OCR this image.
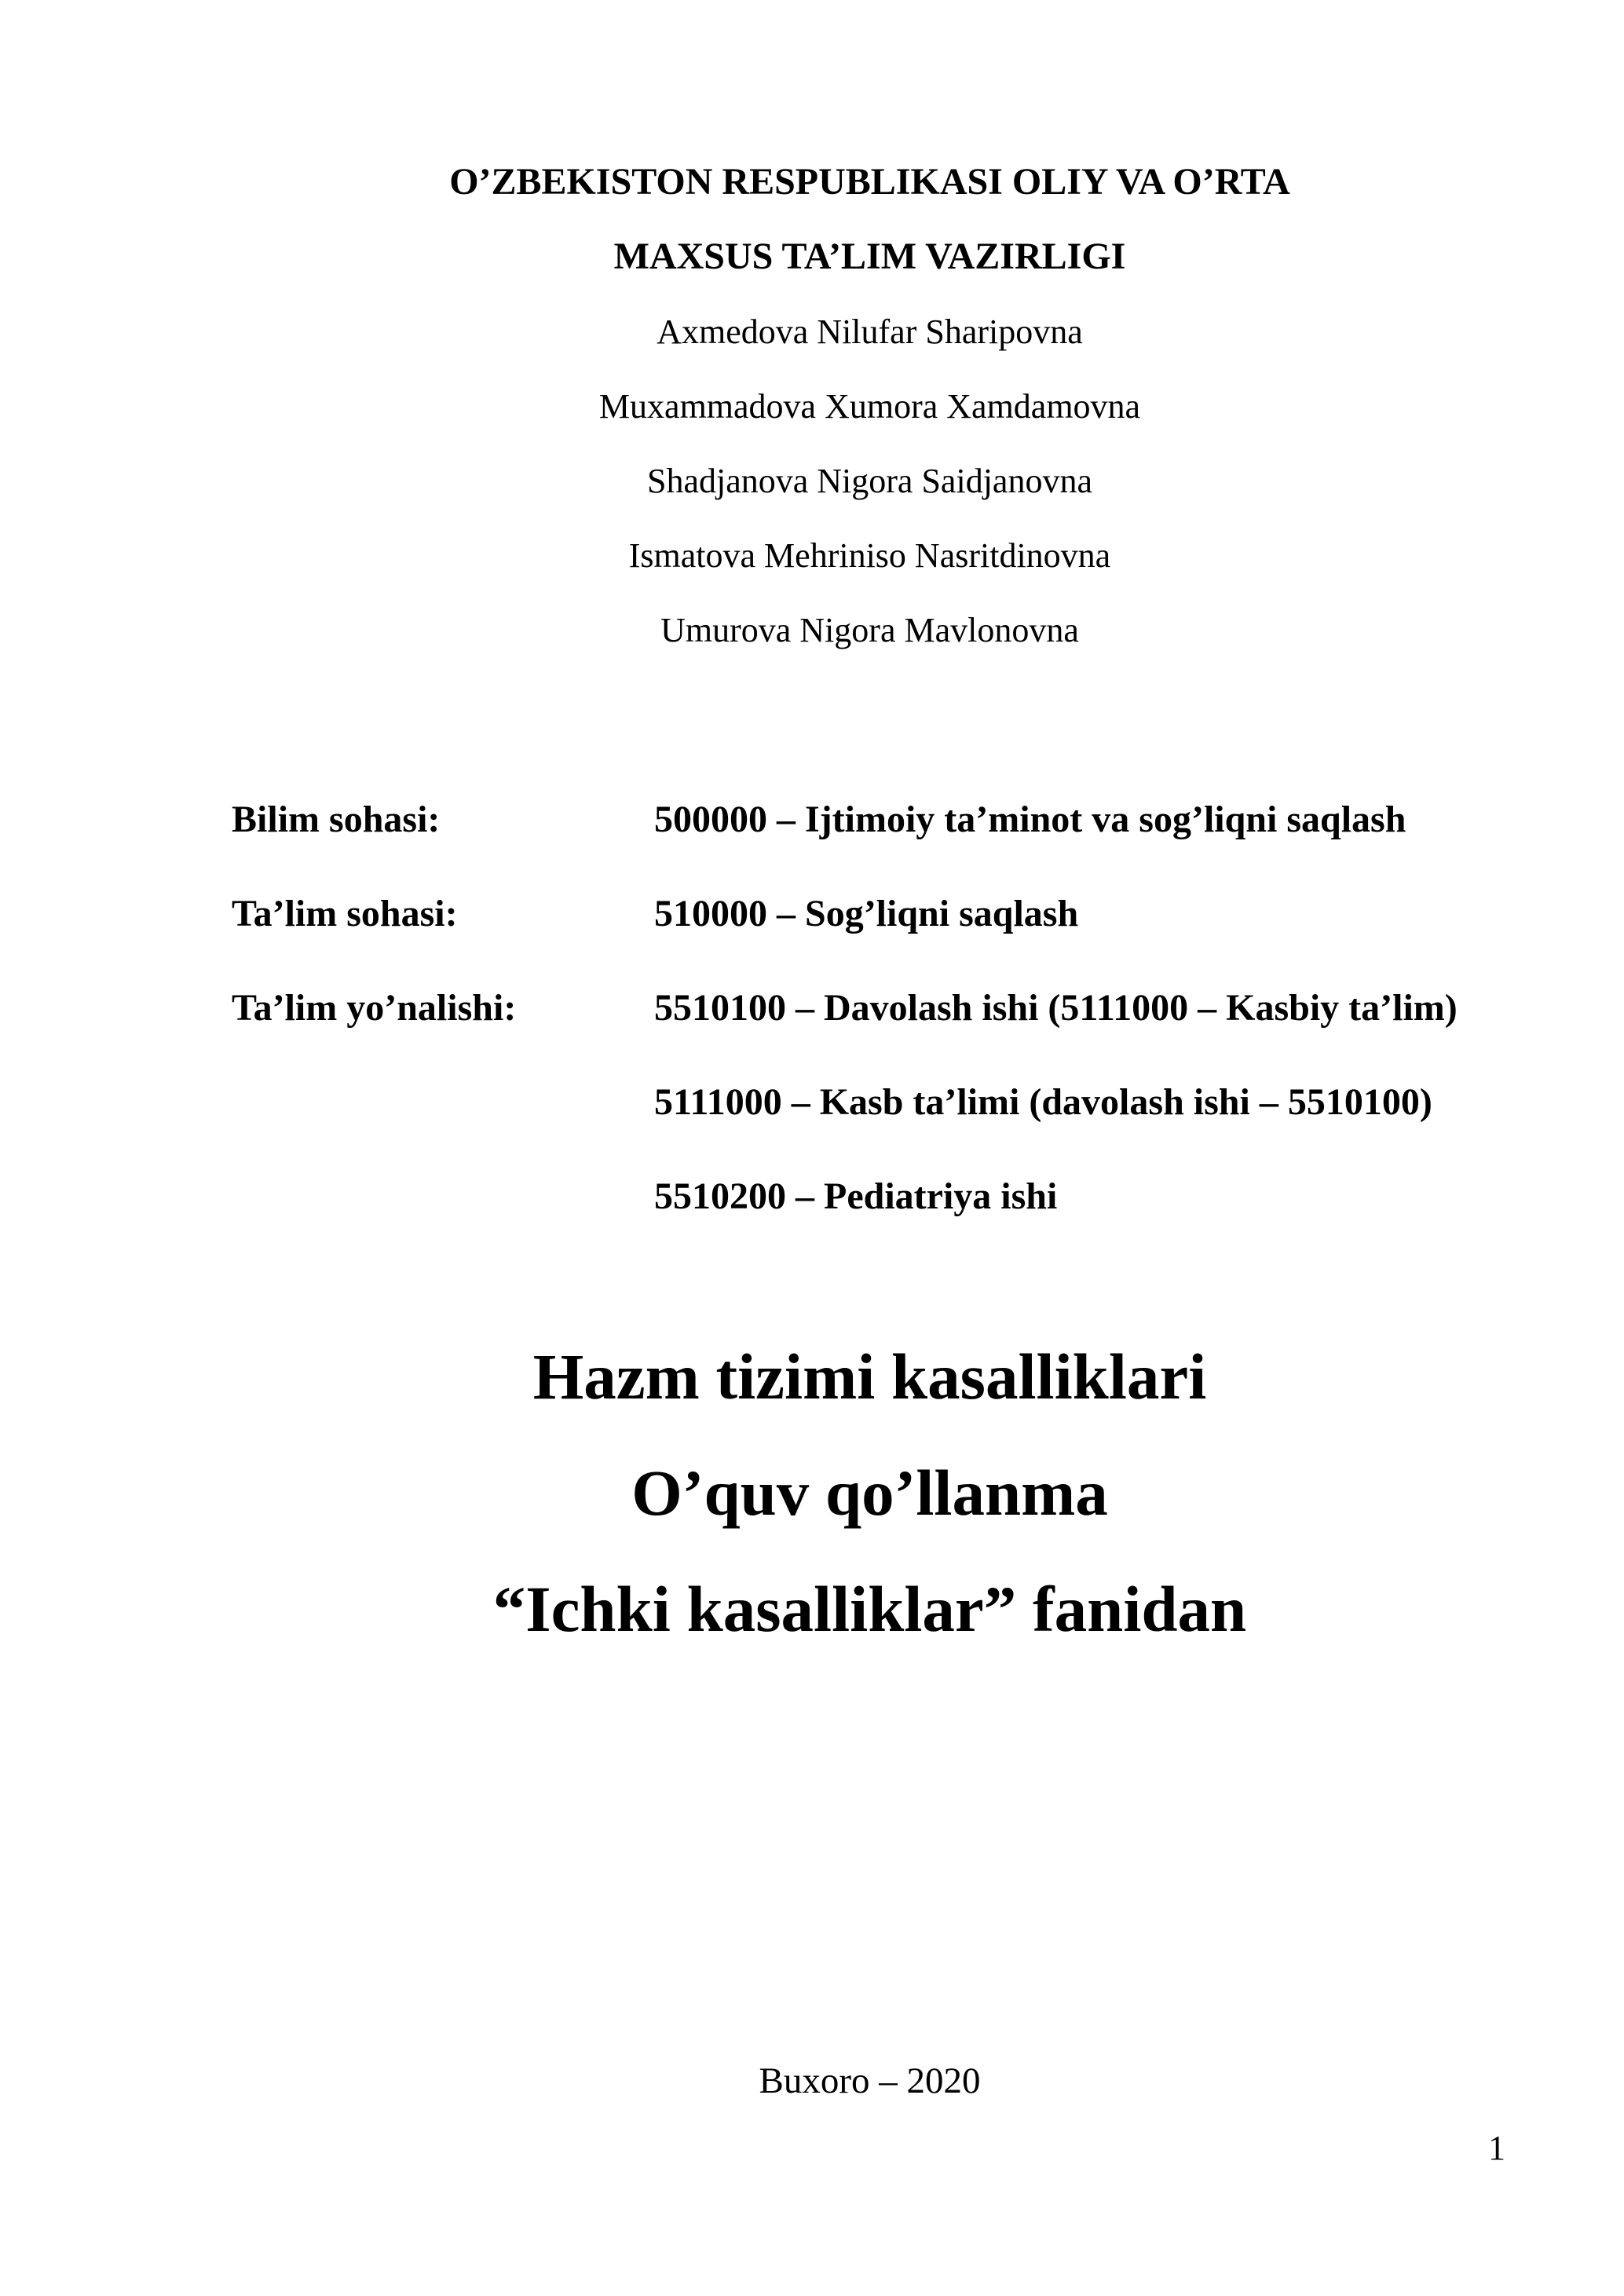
O’ZBEKISTON RESPUBLIKASI OLIY VA O’RTA
MAXSUS TA’LIM VAZIRLIGI
Axmedova Nilufar Sharipovna
Muxammadova Xumora Xamdamovna
Shadjanova Nigora Saidjanovna
Ismatova Mehriniso Nasritdinovna
Umurova Nigora Mavlonovna
Bilim sohasi:	500000 – Ijtimoiy ta’minot va sog’liqni saqlash
Ta’lim sohasi:	510000 – Sog’liqni saqlash
Ta’lim yo’nalishi:	5510100 – Davolash ishi (5111000 – Kasbiy ta’lim)
5111000 – Kasb ta’limi (davolash ishi – 5510100)
5510200 – Pediatriya ishi
Hazm tizimi kasalliklari
O’quv qo’llanma
“Ichki kasalliklar” fanidan
Buxoro – 2020
1
